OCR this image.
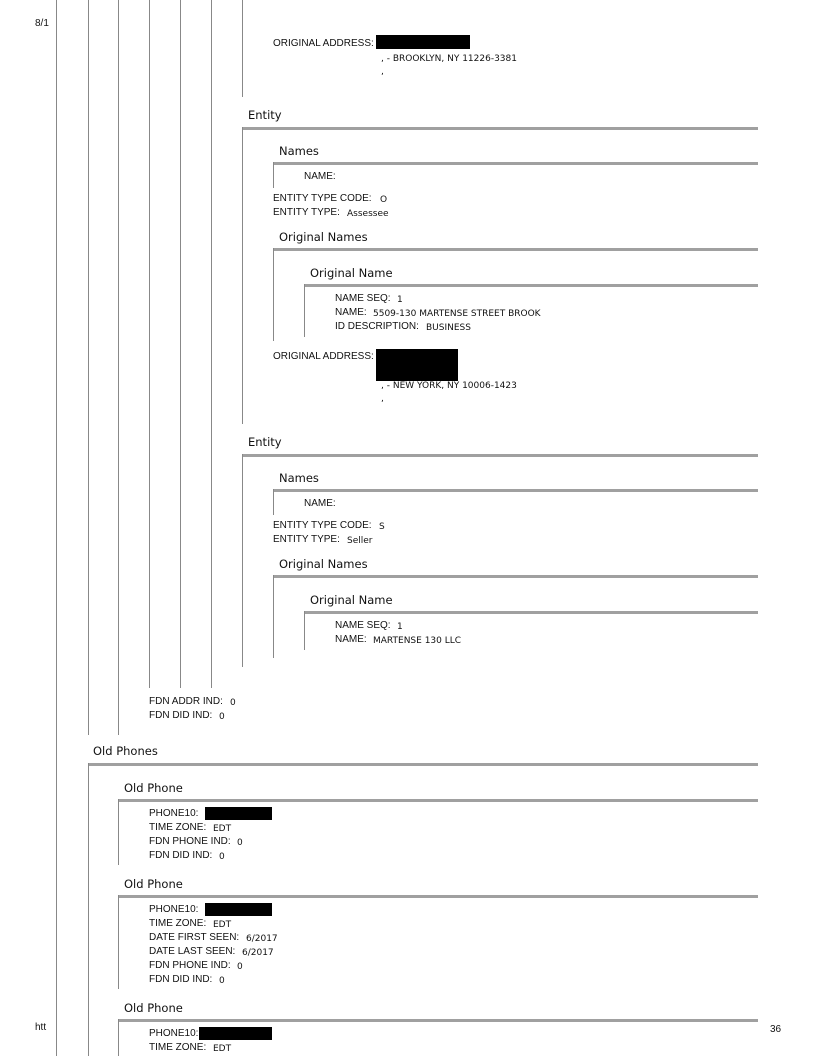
8/1
htt	36
ORIGINAL ADDRESS:
, - BROOKLYN, NY 11226-3381
,
Entity
Names
NAME:
ENTITY TYPE CODE: O
ENTITY TYPE: Assessee
Original Names
Original Name
NAME SEQ: 1
NAME: 5509-130 MARTENSE STREET BROOK
ID DESCRIPTION: BUSINESS
ORIGINAL ADDRESS:
, - NEW YORK, NY 10006-1423
,
Entity
Names
NAME:
ENTITY TYPE CODE: S
ENTITY TYPE: Seller
Original Names
Original Name
NAME SEQ: 1
NAME: MARTENSE 130 LLC
FDN ADDR IND: 0
FDN DID IND: 0
Old Phones
Old Phone
PHONE10:
TIME ZONE: EDT
FDN PHONE IND: 0
FDN DID IND: 0
Old Phone
PHONE10:
TIME ZONE: EDT
DATE FIRST SEEN: 6/2017
DATE LAST SEEN: 6/2017
FDN PHONE IND: 0
FDN DID IND: 0
Old Phone
PHONE10:
TIME ZONE: EDT
